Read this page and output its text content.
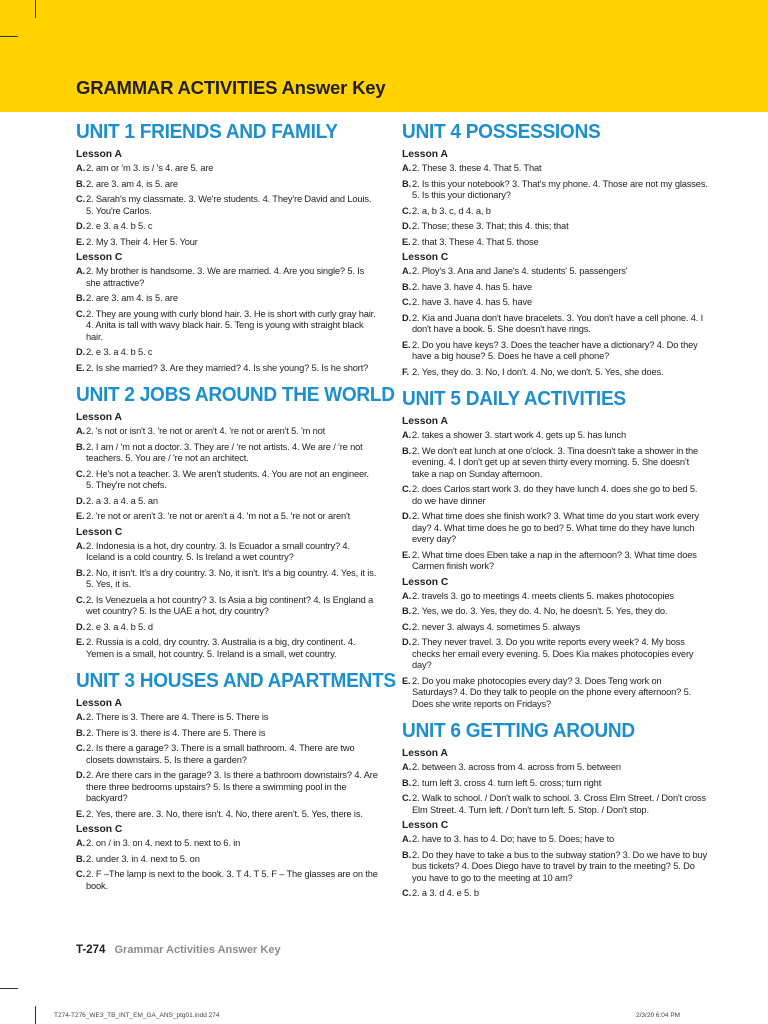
GRAMMAR ACTIVITIES Answer Key
UNIT 1 FRIENDS AND FAMILY
Lesson A
A.2. am or 'm 3. is / 's 4. are 5. are
B.2. are 3. am 4. is 5. are
C.2. Sarah's my classmate. 3. We're students. 4. They're David and Louis. 5. You're Carlos.
D.2. e 3. a 4. b 5. c
E. 2. My 3. Their 4. Her 5. Your
Lesson C
A.2. My brother is handsome. 3. We are married. 4. Are you single? 5. Is she attractive?
B.2. are 3. am 4. is 5. are
C.2. They are young with curly blond hair. 3. He is short with curly gray hair. 4. Anita is tall with wavy black hair. 5. Teng is young with straight black hair.
D.2. e 3. a 4. b 5. c
E. 2. Is she married? 3. Are they married? 4. Is she young? 5. Is he short?
UNIT 2 JOBS AROUND THE WORLD
Lesson A
A.2. 's not or isn't 3. 're not or aren't 4. 're not or aren't 5. 'm not
B.2. I am / 'm not a doctor. 3. They are / 're not artists. 4. We are / 're not teachers. 5. You are / 're not an architect.
C.2. He's not a teacher. 3. We aren't students. 4. You are not an engineer. 5. They're not chefs.
D.2. a 3. a 4. a 5. an
E. 2. 're not or aren't 3. 're not or aren't a 4. 'm not a 5. 're not or aren't
Lesson C
A.2. Indonesia is a hot, dry country. 3. Is Ecuador a small country? 4. Iceland is a cold country. 5. Is Ireland a wet country?
B.2. No, it isn't. It's a dry country. 3. No, it isn't. It's a big country. 4. Yes, it is. 5. Yes, it is.
C.2. Is Venezuela a hot country? 3. Is Asia a big continent? 4. Is England a wet country? 5. Is the UAE a hot, dry country?
D.2. e 3. a 4. b 5. d
E. 2. Russia is a cold, dry country. 3. Australia is a big, dry continent. 4. Yemen is a small, hot country. 5. Ireland is a small, wet country.
UNIT 3 HOUSES AND APARTMENTS
Lesson A
A.2. There is 3. There are 4. There is 5. There is
B.2. There is 3. there is 4. There are 5. There is
C.2. Is there a garage? 3. There is a small bathroom. 4. There are two closets downstairs. 5. Is there a garden?
D.2. Are there cars in the garage? 3. Is there a bathroom downstairs? 4. Are there three bedrooms upstairs? 5. Is there a swimming pool in the backyard?
E. 2. Yes, there are. 3. No, there isn't. 4. No, there aren't. 5. Yes, there is.
Lesson C
A.2. on / in 3. on 4. next to 5. next to 6. in
B.2. under 3. in 4. next to 5. on
C.2. F –The lamp is next to the book. 3. T 4. T 5. F – The glasses are on the book.
UNIT 4 POSSESSIONS
Lesson A
A.2. These 3. these 4. That 5. That
B.2. Is this your notebook? 3. That's my phone. 4. Those are not my glasses. 5. Is this your dictionary?
C.2. a, b 3. c, d 4. a, b
D.2. Those; these 3. That; this 4. this; that
E. 2. that 3. These 4. That 5. those
Lesson C
A.2. Ploy's 3. Ana and Jane's 4. students' 5. passengers'
B.2. have 3. have 4. has 5. have
C.2. have 3. have 4. has 5. have
D.2. Kia and Juana don't have bracelets. 3. You don't have a cell phone. 4. I don't have a book. 5. She doesn't have rings.
E. 2. Do you have keys? 3. Does the teacher have a dictionary? 4. Do they have a big house? 5. Does he have a cell phone?
F. 2. Yes, they do. 3. No, I don't. 4. No, we don't. 5. Yes, she does.
UNIT 5 DAILY ACTIVITIES
Lesson A
A.2. takes a shower 3. start work 4. gets up 5. has lunch
B.2. We don't eat lunch at one o'clock. 3. Tina doesn't take a shower in the evening. 4. I don't get up at seven thirty every morning. 5. She doesn't take a nap on Sunday afternoon.
C.2. does Carlos start work 3. do they have lunch 4. does she go to bed 5. do we have dinner
D.2. What time does she finish work? 3. What time do you start work every day? 4. What time does he go to bed? 5. What time do they have lunch every day?
E. 2. What time does Eben take a nap in the afternoon? 3. What time does Carmen finish work?
Lesson C
A.2. travels 3. go to meetings 4. meets clients 5. makes photocopies
B.2. Yes, we do. 3. Yes, they do. 4. No, he doesn't. 5. Yes, they do.
C.2. never 3. always 4. sometimes 5. always
D.2. They never travel. 3. Do you write reports every week? 4. My boss checks her email every evening. 5. Does Kia makes photocopies every day?
E. 2. Do you make photocopies every day? 3. Does Teng work on Saturdays? 4. Do they talk to people on the phone every afternoon? 5. Does she write reports on Fridays?
UNIT 6 GETTING AROUND
Lesson A
A.2. between 3. across from 4. across from 5. between
B.2. turn left 3. cross 4. turn left 5. cross; turn right
C.2. Walk to school. / Don't walk to school. 3. Cross Elm Street. / Don't cross Elm Street. 4. Turn left. / Don't turn left. 5. Stop. / Don't stop.
Lesson C
A.2. have to 3. has to 4. Do; have to 5. Does; have to
B.2. Do they have to take a bus to the subway station? 3. Do we have to buy bus tickets? 4. Does Diego have to travel by train to the meeting? 5. Do you have to go to the meeting at 10 am?
C.2. a 3. d 4. e 5. b
T-274 Grammar Activities Answer Key
T274-T276_WE3_TB_INT_EM_GA_ANS_ptg01.indd 274	2/3/20 6:04 PM
